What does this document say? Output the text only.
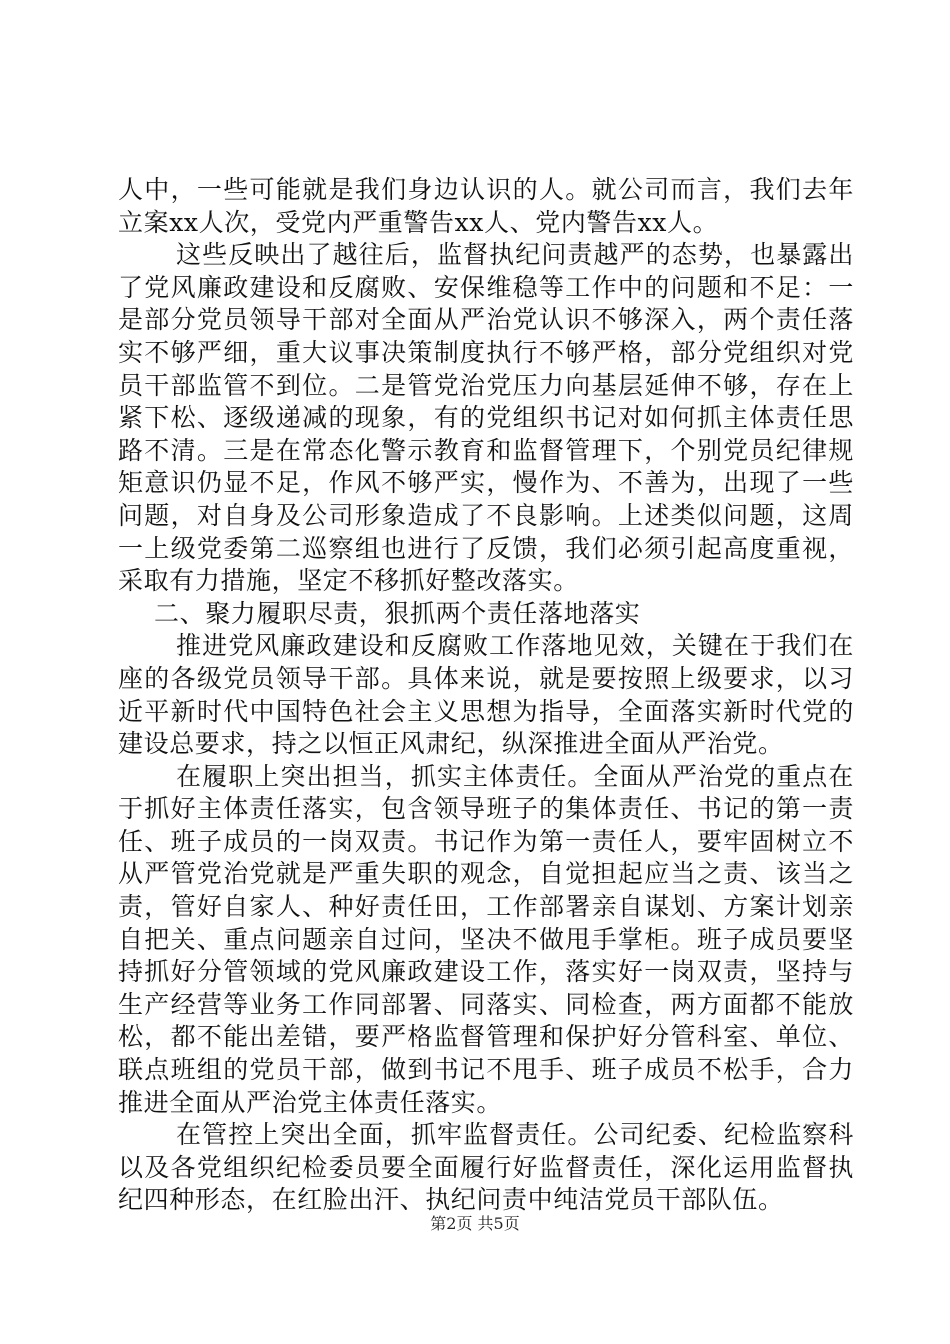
人中，一些可能就是我们身边认识的人。就公司而言，我们去年立案xx人次，受党内严重警告xx人、党内警告xx人。

这些反映出了越往后，监督执纪问责越严的态势，也暴露出了党风廉政建设和反腐败、安保维稳等工作中的问题和不足：一是部分党员领导干部对全面从严治党认识不够深入，两个责任落实不够严细，重大议事决策制度执行不够严格，部分党组织对党员干部监管不到位。二是管党治党压力向基层延伸不够，存在上紧下松、逐级递减的现象，有的党组织书记对如何抓主体责任思路不清。三是在常态化警示教育和监督管理下，个别党员纪律规矩意识仍显不足，作风不够严实，慢作为、不善为，出现了一些问题，对自身及公司形象造成了不良影响。上述类似问题，这周一上级党委第二巡察组也进行了反馈，我们必须引起高度重视，采取有力措施，坚定不移抓好整改落实。

二、聚力履职尽责，狠抓两个责任落地落实

推进党风廉政建设和反腐败工作落地见效，关键在于我们在座的各级党员领导干部。具体来说，就是要按照上级要求，以习近平新时代中国特色社会主义思想为指导，全面落实新时代党的建设总要求，持之以恒正风肃纪，纵深推进全面从严治党。

在履职上突出担当，抓实主体责任。全面从严治党的重点在于抓好主体责任落实，包含领导班子的集体责任、书记的第一责任、班子成员的一岗双责。书记作为第一责任人，要牢固树立不从严管党治党就是严重失职的观念，自觉担起应当之责、该当之责，管好自家人、种好责任田，工作部署亲自谋划、方案计划亲自把关、重点问题亲自过问，坚决不做甩手掌柜。班子成员要坚持抓好分管领域的党风廉政建设工作，落实好一岗双责，坚持与生产经营等业务工作同部署、同落实、同检查，两方面都不能放松，都不能出差错，要严格监督管理和保护好分管科室、单位、联点班组的党员干部，做到书记不甩手、班子成员不松手，合力推进全面从严治党主体责任落实。

在管控上突出全面，抓牢监督责任。公司纪委、纪检监察科以及各党组织纪检委员要全面履行好监督责任，深化运用监督执纪四种形态，在红脸出汗、执纪问责中纯洁党员干部队伍。

第2页 共5页
